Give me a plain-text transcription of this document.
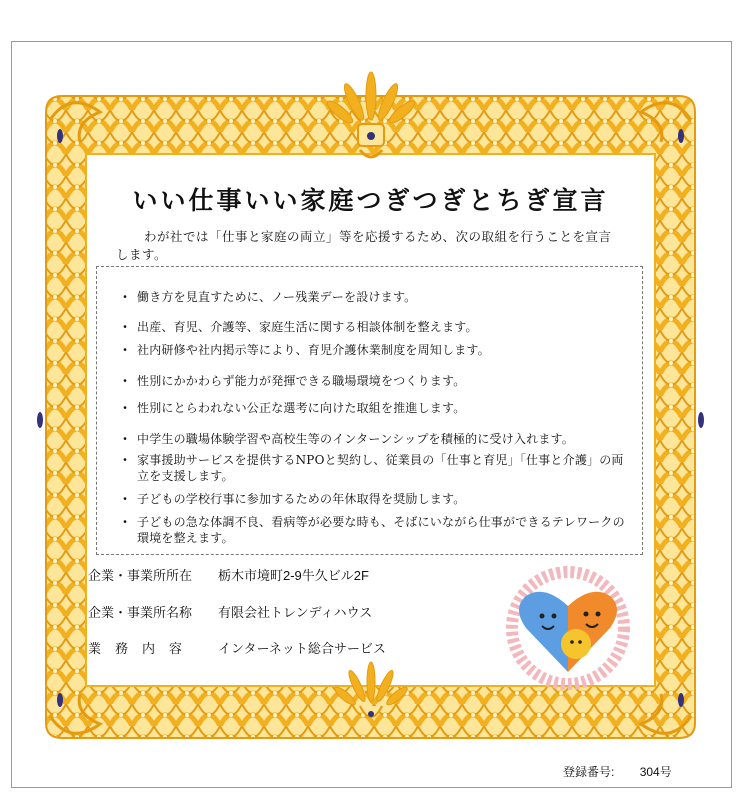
いい仕事いい家庭つぎつぎとちぎ宣言
わが社では「仕事と家庭の両立」等を応援するため、次の取組を行うことを宣言
します。
・ 働き方を見直すために、ノー残業デーを設けます。
・ 出産、育児、介護等、家庭生活に関する相談体制を整えます。
・ 社内研修や社内掲示等により、育児介護休業制度を周知します。
・ 性別にかかわらず能力が発揮できる職場環境をつくります。
・ 性別にとらわれない公正な選考に向けた取組を推進します。
・ 中学生の職場体験学習や高校生等のインターンシップを積極的に受け入れます。
・ 家事援助サービスを提供するNPOと契約し、従業員の「仕事と育児」「仕事と介護」の両立を支援します。
・ 子どもの学校行事に参加するための年休取得を奨励します。
・ 子どもの急な体調不良、看病等が必要な時も、そばにいながら仕事ができるテレワークの環境を整えます。
企業・事業所所在 栃木市境町2-9牛久ビル2F
企業・事業所名称 有限会社トレンディハウス
業務内容 インターネット総合サービス
登録番号: 304号
